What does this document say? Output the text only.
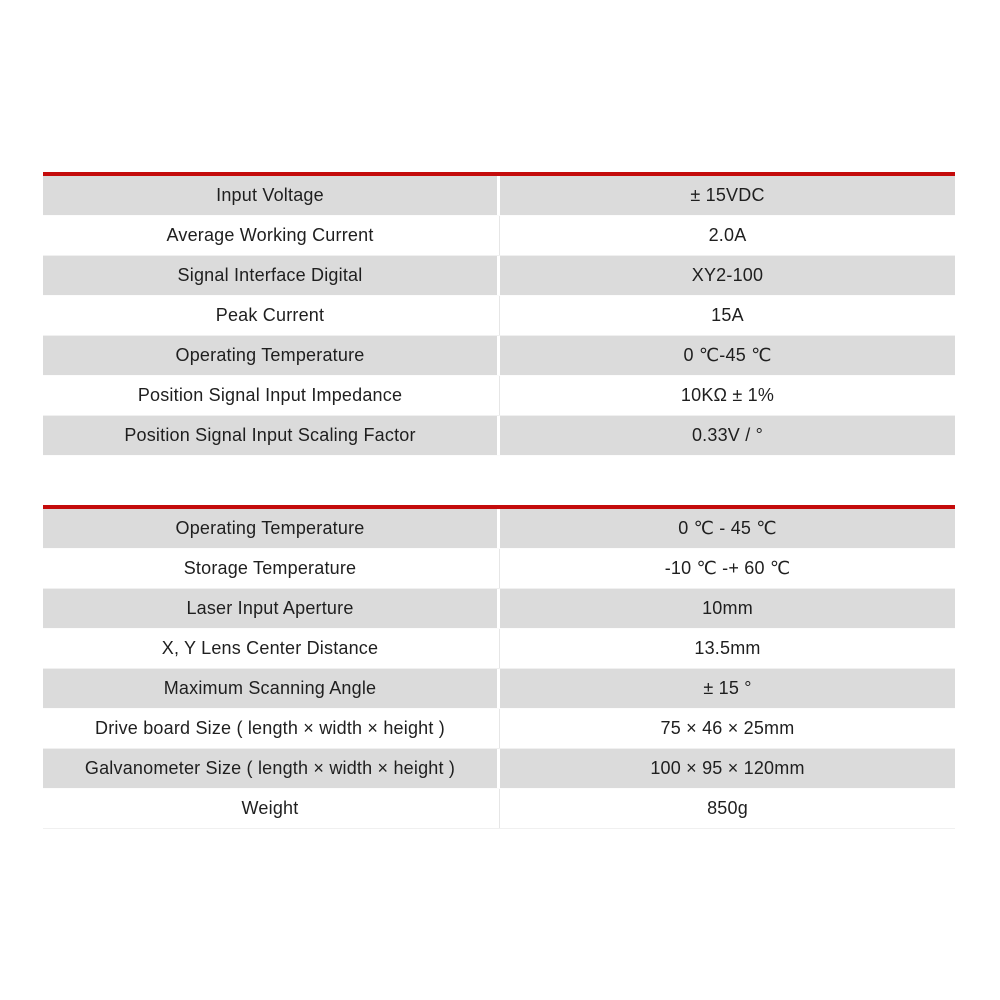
Input Voltage	± 15VDC
Average Working Current	2.0A
Signal Interface Digital	XY2-100
Peak Current	15A
Operating Temperature	0 ℃-45 ℃
Position Signal Input Impedance	10KΩ ± 1%
Position Signal Input Scaling Factor	0.33V / °
Operating Temperature	0 ℃ - 45 ℃
Storage Temperature	-10 ℃ -+ 60 ℃
Laser Input Aperture	10mm
X, Y Lens Center Distance	13.5mm
Maximum Scanning Angle	± 15 °
Drive board Size ( length × width × height )	75 × 46 × 25mm
Galvanometer Size ( length × width × height )	100 × 95 × 120mm
Weight	850g
